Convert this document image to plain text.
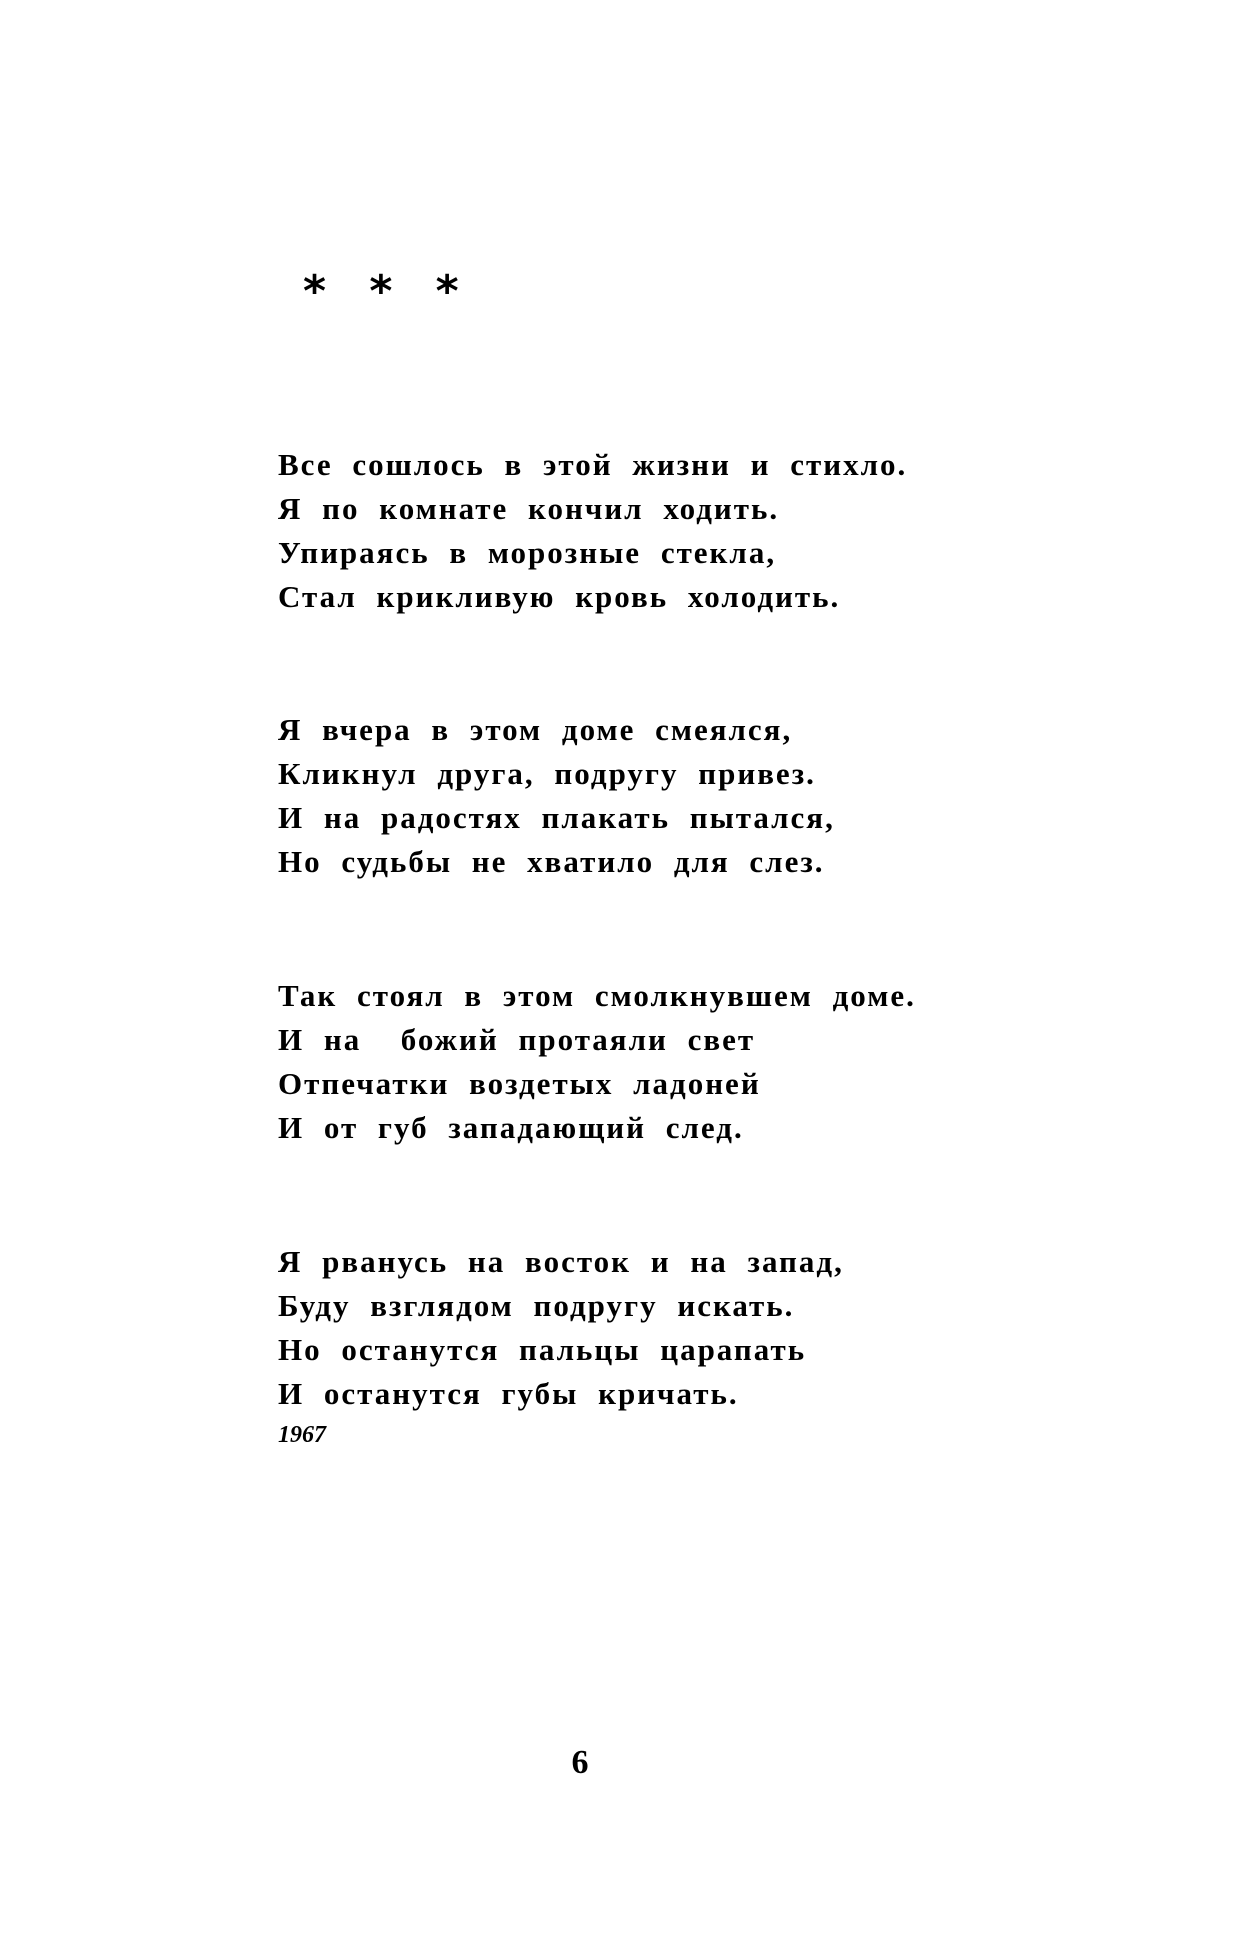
* * *
Все сошлось в этой жизни и стихло.
Я по комнате кончил ходить.
Упираясь в морозные стекла,
Стал крикливую кровь холодить.
Я вчера в этом доме смеялся,
Кликнул друга, подругу привез.
И на радостях плакать пытался,
Но судьбы не хватило для слез.
Так стоял в этом смолкнувшем доме.
И на  божий протаяли свет
Отпечатки воздетых ладоней
И от губ западающий след.
Я рванусь на восток и на запад,
Буду взглядом подругу искать.
Но останутся пальцы царапать
И останутся губы кричать.
1967
6
